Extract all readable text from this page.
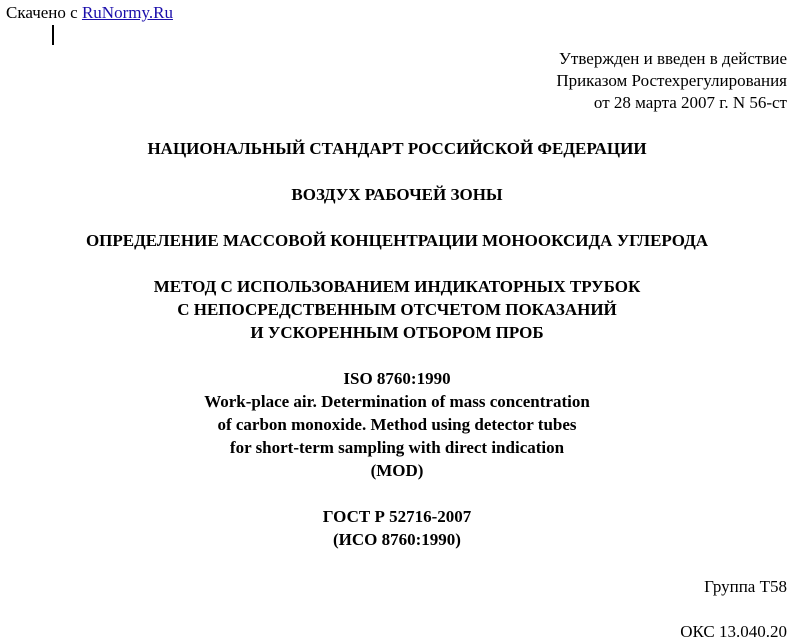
Скачено с RuNormy.Ru
Утвержден и введен в действие
Приказом Ростехрегулирования
от 28 марта 2007 г. N 56-ст
НАЦИОНАЛЬНЫЙ СТАНДАРТ РОССИЙСКОЙ ФЕДЕРАЦИИ
ВОЗДУХ РАБОЧЕЙ ЗОНЫ
ОПРЕДЕЛЕНИЕ МАССОВОЙ КОНЦЕНТРАЦИИ МОНООКСИДА УГЛЕРОДА
МЕТОД С ИСПОЛЬЗОВАНИЕМ ИНДИКАТОРНЫХ ТРУБОК
С НЕПОСРЕДСТВЕННЫМ ОТСЧЕТОМ ПОКАЗАНИЙ
И УСКОРЕННЫМ ОТБОРОМ ПРОБ
ISO 8760:1990
Work-place air. Determination of mass concentration
of carbon monoxide. Method using detector tubes
for short-term sampling with direct indication
(MOD)
ГОСТ Р 52716-2007
(ИСО 8760:1990)
Группа Т58
ОКС 13.040.20
